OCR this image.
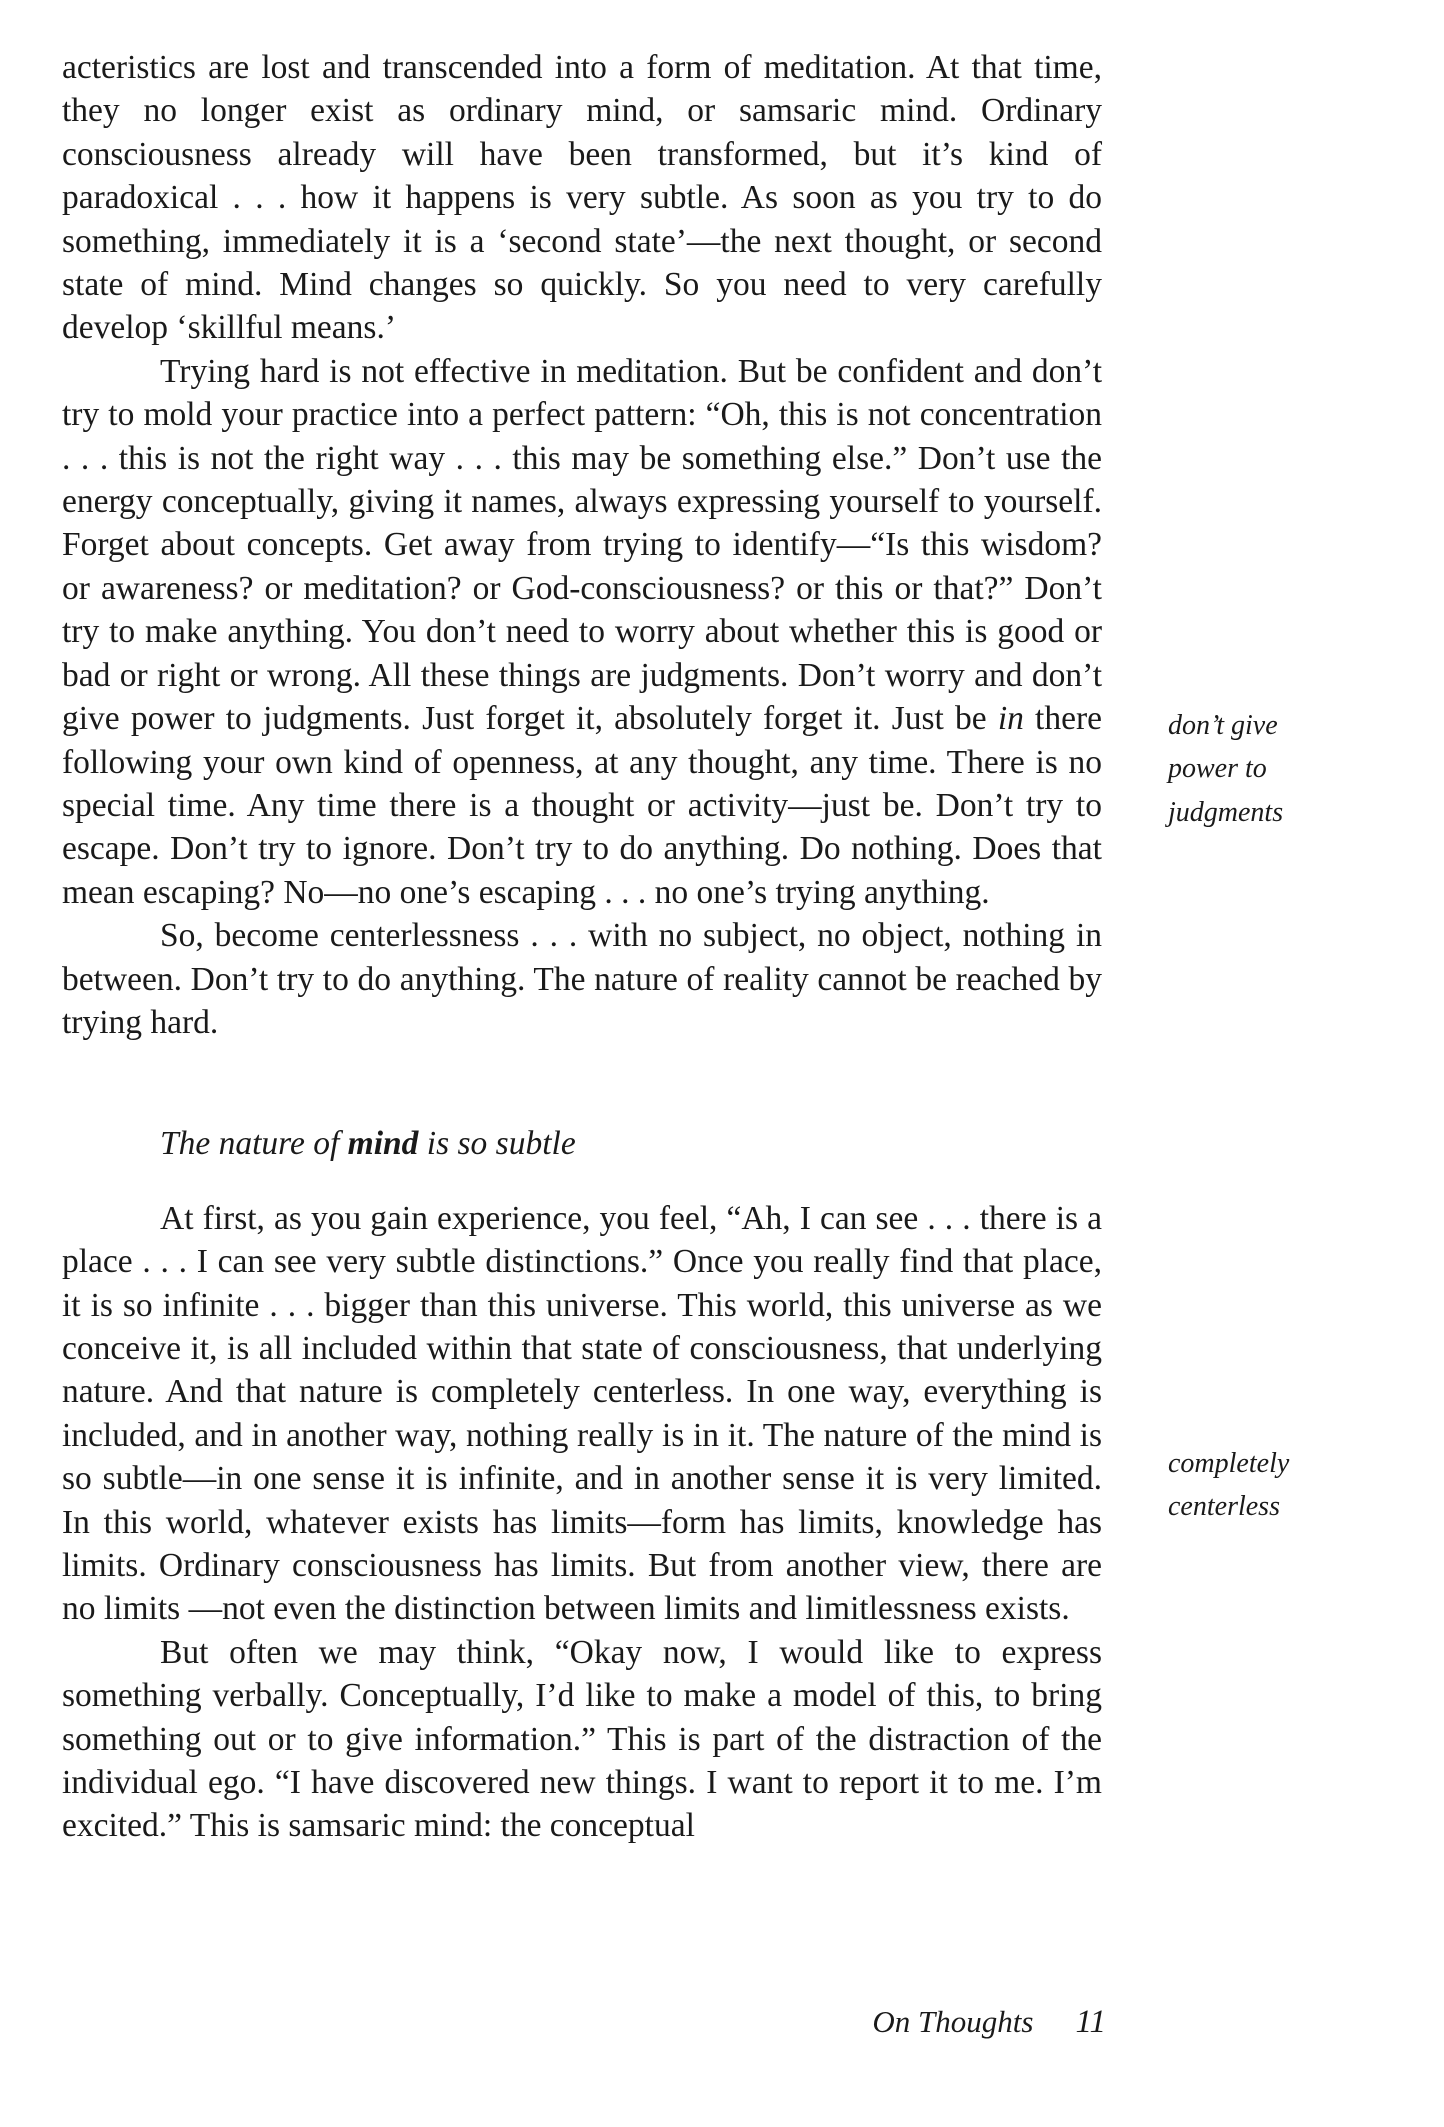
acteristics are lost and transcended into a form of meditation. At that time, they no longer exist as ordinary mind, or samsaric mind. Ordinary consciousness already will have been transformed, but it’s kind of paradoxical . . . how it happens is very subtle. As soon as you try to do something, immediately it is a ‘second state’—the next thought, or second state of mind. Mind changes so quickly. So you need to very carefully develop ‘skillful means.’

Trying hard is not effective in meditation. But be confident and don’t try to mold your practice into a perfect pattern: “Oh, this is not concentration . . . this is not the right way . . . this may be something else.” Don’t use the energy conceptually, giving it names, always expressing yourself to yourself. Forget about concepts. Get away from trying to identify—“Is this wisdom? or awareness? or meditation? or God-consciousness? or this or that?” Don’t try to make anything. You don’t need to worry about whether this is good or bad or right or wrong. All these things are judgments. Don’t worry and don’t give power to judgments. Just forget it, absolutely forget it. Just be in there following your own kind of openness, at any thought, any time. There is no special time. Any time there is a thought or activity—just be. Don’t try to escape. Don’t try to ignore. Don’t try to do anything. Do nothing. Does that mean escaping? No—no one’s escaping . . . no one’s trying anything.

So, become centerlessness . . . with no subject, no object, nothing in between. Don’t try to do anything. The nature of reality cannot be reached by trying hard.

The nature of mind is so subtle

At first, as you gain experience, you feel, “Ah, I can see . . . there is a place . . . I can see very subtle distinctions.” Once you really find that place, it is so infinite . . . bigger than this universe. This world, this universe as we conceive it, is all included within that state of consciousness, that underlying nature. And that nature is completely centerless. In one way, everything is included, and in another way, nothing really is in it. The nature of the mind is so subtle—in one sense it is infinite, and in another sense it is very limited. In this world, whatever exists has limits—form has limits, knowledge has limits. Ordinary consciousness has limits. But from another view, there are no limits —not even the distinction between limits and limitlessness exists.

But often we may think, “Okay now, I would like to express something verbally. Conceptually, I’d like to make a model of this, to bring something out or to give information.” This is part of the distraction of the individual ego. “I have discovered new things. I want to report it to me. I’m excited.” This is samsaric mind: the conceptual

don’t give
power to
judgments
completely
centerless
On Thoughts 11
